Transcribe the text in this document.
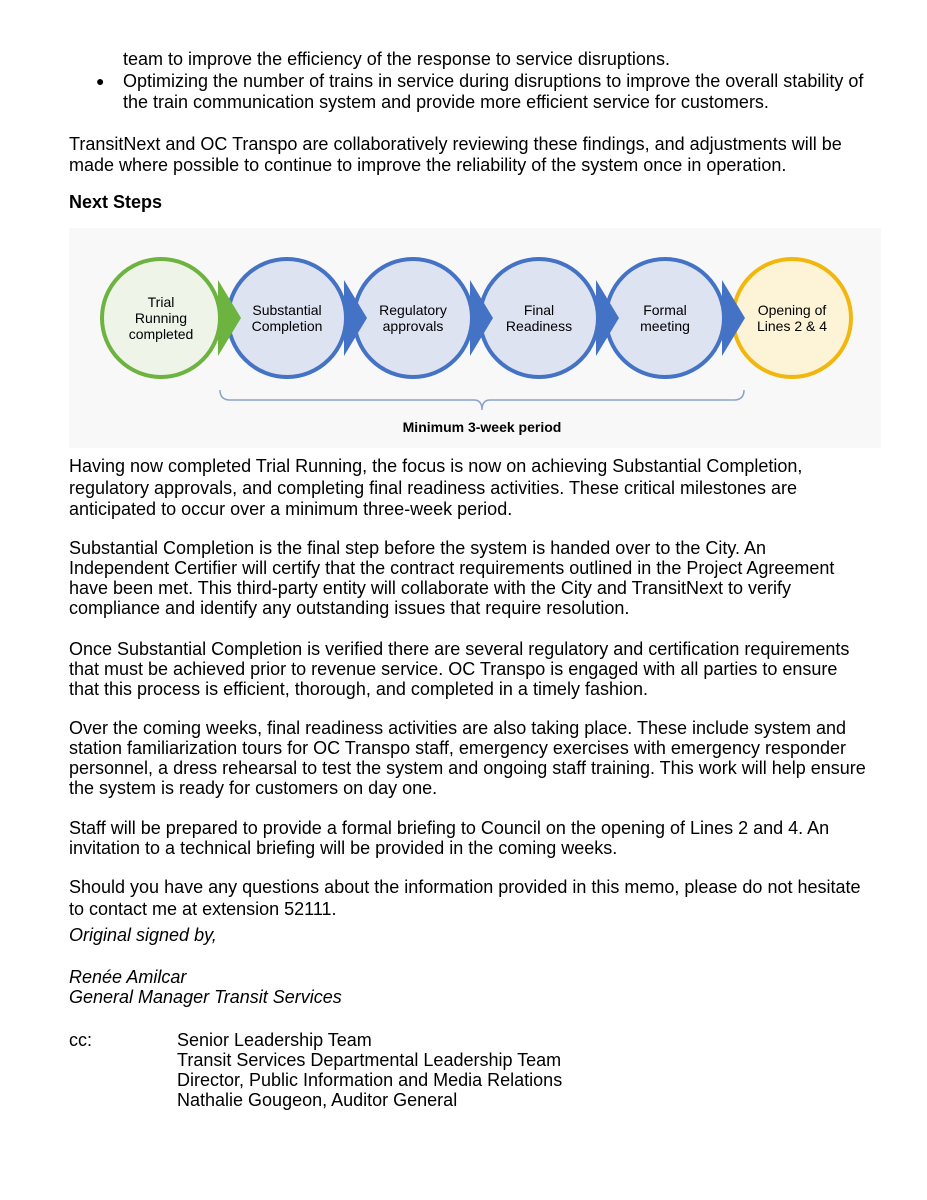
team to improve the efficiency of the response to service disruptions.
● Optimizing the number of trains in service during disruptions to improve the overall stability of
the train communication system and provide more efficient service for customers.
TransitNext and OC Transpo are collaboratively reviewing these findings, and adjustments will be
made where possible to continue to improve the reliability of the system once in operation.
Next Steps
Having now completed Trial Running, the focus is now on achieving Substantial Completion,
regulatory approvals, and completing final readiness activities. These critical milestones are
anticipated to occur over a minimum three-week period.
Substantial Completion is the final step before the system is handed over to the City. An
Independent Certifier will certify that the contract requirements outlined in the Project Agreement
have been met. This third-party entity will collaborate with the City and TransitNext to verify
compliance and identify any outstanding issues that require resolution.
Once Substantial Completion is verified there are several regulatory and certification requirements
that must be achieved prior to revenue service. OC Transpo is engaged with all parties to ensure
that this process is efficient, thorough, and completed in a timely fashion.
Over the coming weeks, final readiness activities are also taking place. These include system and
station familiarization tours for OC Transpo staff, emergency exercises with emergency responder
personnel, a dress rehearsal to test the system and ongoing staff training. This work will help ensure
the system is ready for customers on day one.
Staff will be prepared to provide a formal briefing to Council on the opening of Lines 2 and 4. An
invitation to a technical briefing will be provided in the coming weeks.
Should you have any questions about the information provided in this memo, please do not hesitate
to contact me at extension 52111.
Original signed by,
Renée Amilcar
General Manager Transit Services
cc:	Senior Leadership Team
Transit Services Departmental Leadership Team
Director, Public Information and Media Relations
Nathalie Gougeon, Auditor General
Opening of
Lines 2 & 4
Formal
meeting
Final
Readiness
Regulatory
approvals
Substantial
Completion
Trial
Running
completed
Minimum 3-week period
